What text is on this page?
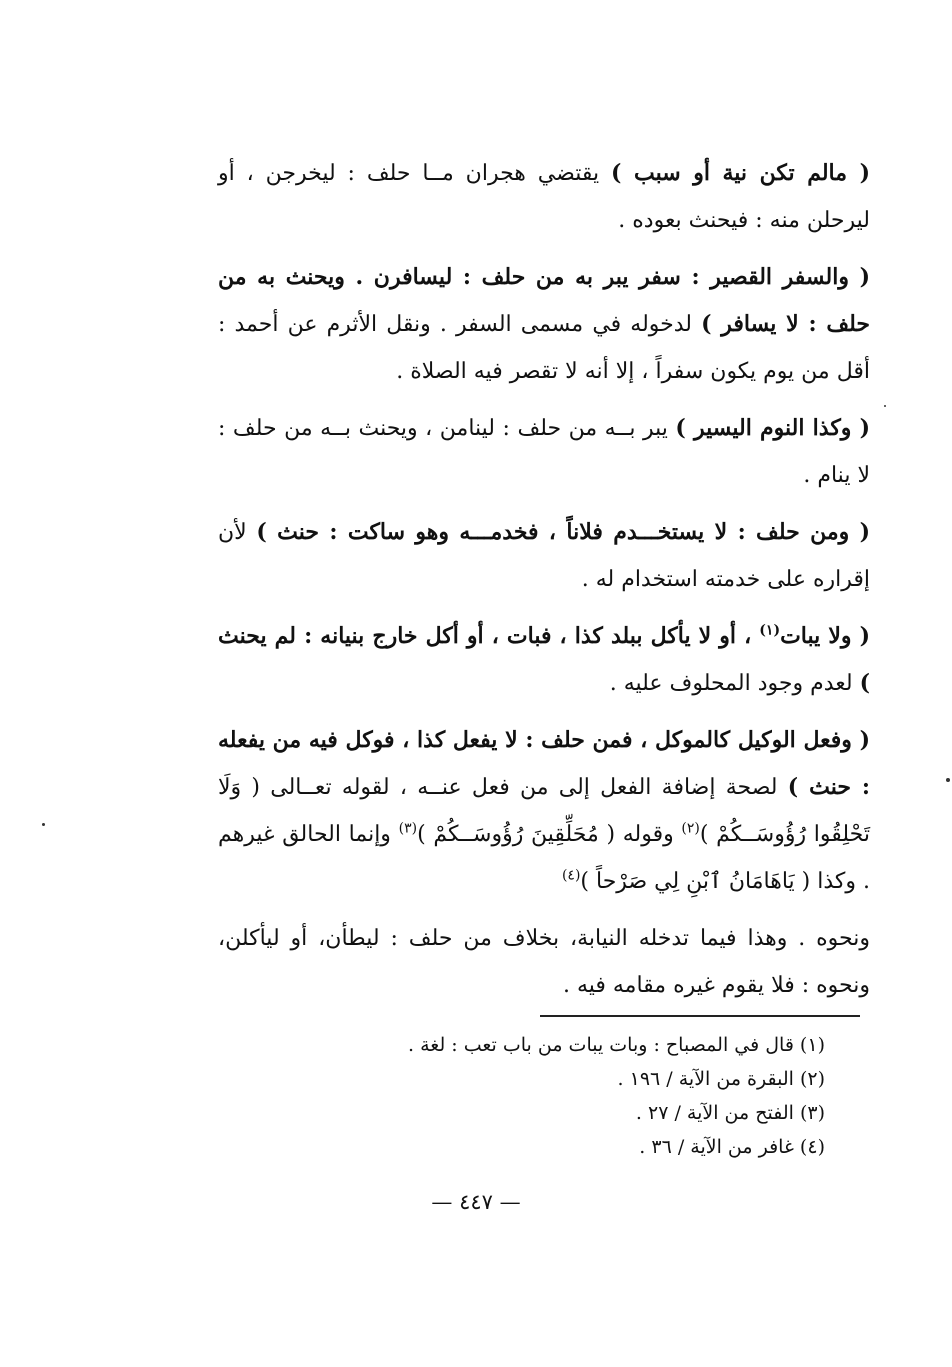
( مالم تكن نية أو سبب ) يقتضي هجران مــا حلف : ليخرجن ، أو ليرحلن منه : فيحنث بعوده .

( والسفر القصير : سفر يبر به من حلف : ليسافرن . ويحنث به من حلف : لا يسافر ) لدخوله في مسمى السفر . ونقل الأثرم عن أحمد : أقل من يوم يكون سفراً ، إلا أنه لا تقصر فيه الصلاة .

( وكذا النوم اليسير ) يبر بــه من حلف : لينامن ، ويحنث بــه من حلف : لا ينام .

( ومن حلف : لا يستخـــدم فلاناً ، فخدمـــه وهو ساكت : حنث ) لأن إقراره على خدمته استخدام له .

( ولا يبات$^{(١)}$ ، أو لا يأكل ببلد كذا ، فبات ، أو أكل خارج بنيانه : لم يحنث ) لعدم وجود المحلوف عليه .

( وفعل الوكيل كالموكل ، فمن حلف : لا يفعل كذا ، فوكل فيه من يفعله : حنث ) لصحة إضافة الفعل إلى من فعل عنــه ، لقوله تعــالى ( وَلَا تَحْلِقُوا رُؤُوسَــكُمْ )$^{(٢)}$ وقوله ( مُحَلِّقِينَ رُؤُوسَــكُمْ )$^{(٣)}$ وإنما الحالق غيرهم . وكذا ( يَاهَامَانُ ٱبْنِ لِي صَرْحاً )$^{(٤)}$

ونحوه . وهذا فيما تدخله النيابة، بخلاف من حلف : ليطأن، أو ليأكلن، ونحوه : فلا يقوم غيره مقامه فيه .

(١) قال في المصباح : وبات يبات من باب تعب : لغة .

(٢) البقرة من الآية / ١٩٦ .

(٣) الفتح من الآية / ٢٧ .

(٤) غافر من الآية / ٣٦ .

— ٤٤٧ —
